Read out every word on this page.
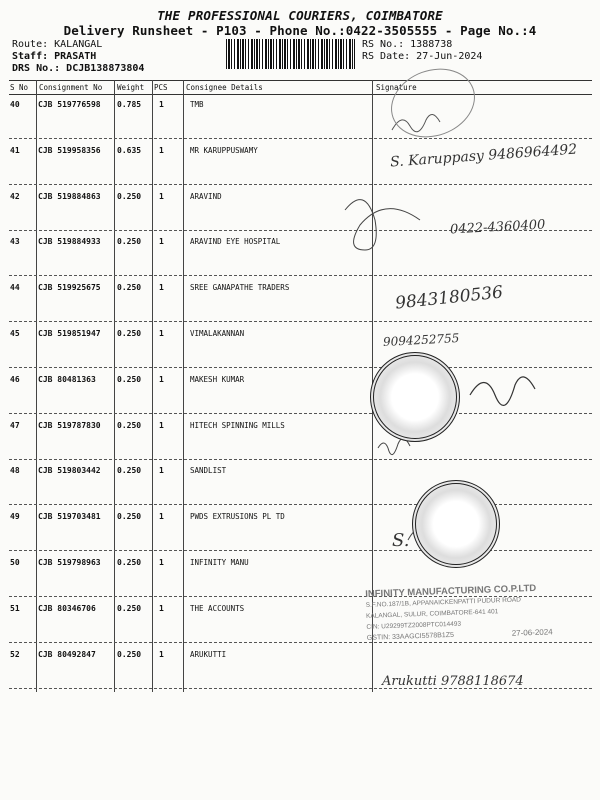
THE PROFESSIONAL COURIERS, COIMBATORE
Delivery Runsheet - P103 - Phone No.:0422-3505555 - Page No.:4
Route: KALANGAL
Staff: PRASATH
DRS No.: DCJB138873804
RS No.: 1388738
RS Date: 27-Jun-2024
S No Consignment No Weight PCS Consignee Details	Signature
40 CJB 519776598 0.785 1	TMB
41 CJB 519958356 0.635 1	MR KARUPPUSWAMY
42 CJB 519884863 0.250 1	ARAVIND
43 CJB 519884933 0.250 1	ARAVIND EYE HOSPITAL
44 CJB 519925675 0.250 1	SREE GANAPATHE TRADERS
45 CJB 519851947 0.250 1	VIMALAKANNAN
46 CJB 80481363	0.250 1	MAKESH KUMAR
47 CJB 519787830 0.250 1	HITECH SPINNING MILLS
48 CJB 519803442 0.250 1	SANDLIST
49 CJB 519703481 0.250 1	PWDS EXTRUSIONS PL TD
50 CJB 519798963 0.250 1	INFINITY MANU
51 CJB 80346706	0.250 1	THE ACCOUNTS
52 CJB 80492847	0.250 1	ARUKUTTI
S. Karuppasy 9486964492
0422-4360400
9843180536
9094252755
S.
Arukutti 9788118674
INFINITY MANUFACTURING CO.P.LTD
S.F.NO.187/1B, APPANAICKENPATTI PUDUR ROAD
KALANGAL, SULUR, COIMBATORE-641 401
CIN: U29299TZ2008PTC014493
GSTIN: 33AAGCI5578B1Z5	27-06-2024
